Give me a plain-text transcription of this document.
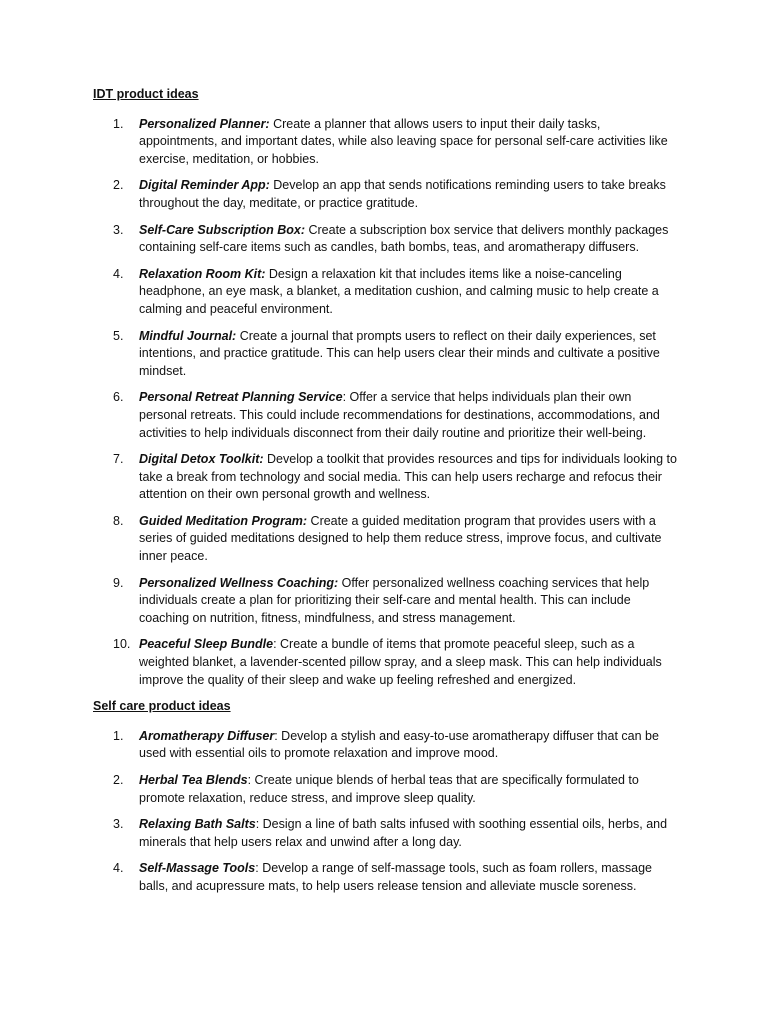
IDT product ideas
1.	Personalized Planner: Create a planner that allows users to input their daily tasks, appointments, and important dates, while also leaving space for personal self-care activities like exercise, meditation, or hobbies.
2.	Digital Reminder App: Develop an app that sends notifications reminding users to take breaks throughout the day, meditate, or practice gratitude.
3.	Self-Care Subscription Box: Create a subscription box service that delivers monthly packages containing self-care items such as candles, bath bombs, teas, and aromatherapy diffusers.
4.	Relaxation Room Kit: Design a relaxation kit that includes items like a noise-canceling headphone, an eye mask, a blanket, a meditation cushion, and calming music to help create a calming and peaceful environment.
5.	Mindful Journal: Create a journal that prompts users to reflect on their daily experiences, set intentions, and practice gratitude. This can help users clear their minds and cultivate a positive mindset.
6.	Personal Retreat Planning Service: Offer a service that helps individuals plan their own personal retreats. This could include recommendations for destinations, accommodations, and activities to help individuals disconnect from their daily routine and prioritize their well-being.
7.	Digital Detox Toolkit: Develop a toolkit that provides resources and tips for individuals looking to take a break from technology and social media. This can help users recharge and refocus their attention on their own personal growth and wellness.
8.	Guided Meditation Program: Create a guided meditation program that provides users with a series of guided meditations designed to help them reduce stress, improve focus, and cultivate inner peace.
9.	Personalized Wellness Coaching: Offer personalized wellness coaching services that help individuals create a plan for prioritizing their self-care and mental health. This can include coaching on nutrition, fitness, mindfulness, and stress management.
10. Peaceful Sleep Bundle: Create a bundle of items that promote peaceful sleep, such as a weighted blanket, a lavender-scented pillow spray, and a sleep mask. This can help individuals improve the quality of their sleep and wake up feeling refreshed and energized.
Self care product ideas
1.	Aromatherapy Diffuser: Develop a stylish and easy-to-use aromatherapy diffuser that can be used with essential oils to promote relaxation and improve mood.
2.	Herbal Tea Blends: Create unique blends of herbal teas that are specifically formulated to promote relaxation, reduce stress, and improve sleep quality.
3.	Relaxing Bath Salts: Design a line of bath salts infused with soothing essential oils, herbs, and minerals that help users relax and unwind after a long day.
4.	Self-Massage Tools: Develop a range of self-massage tools, such as foam rollers, massage balls, and acupressure mats, to help users release tension and alleviate muscle soreness.
